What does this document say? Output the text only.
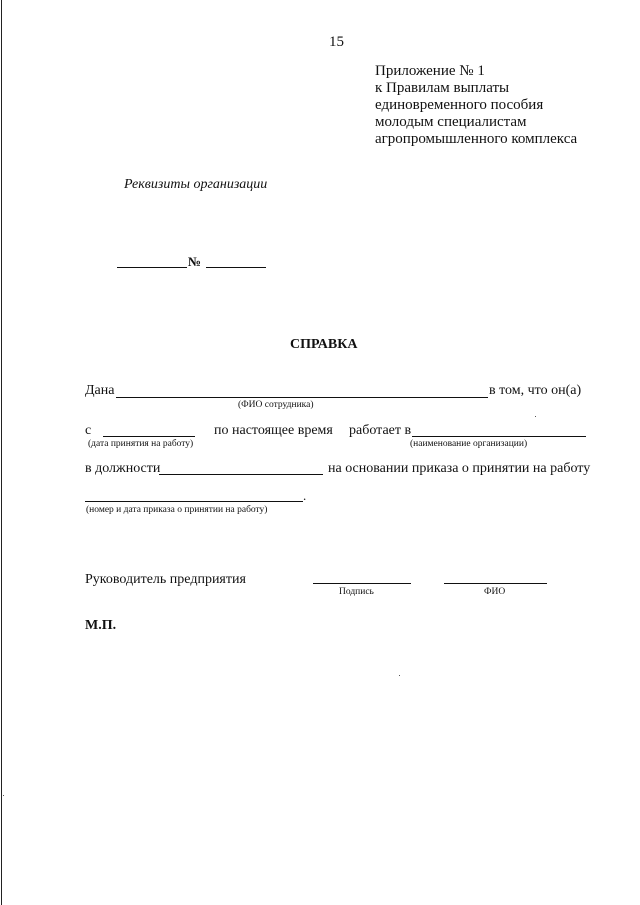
15
Приложение № 1
к Правилам выплаты
единовременного пособия
молодым специалистам
агропромышленного комплекса
Реквизиты организации
№
СПРАВКА
Дана	в том, что он(а)
(ФИО сотрудника)
с	по настоящее время работает в
(дата принятия на работу)	(наименование организации)
в должности	на основании приказа о принятии на работу
.
(номер и дата приказа о принятии на работу)
Руководитель предприятия
Подпись	ФИО
М.П.
